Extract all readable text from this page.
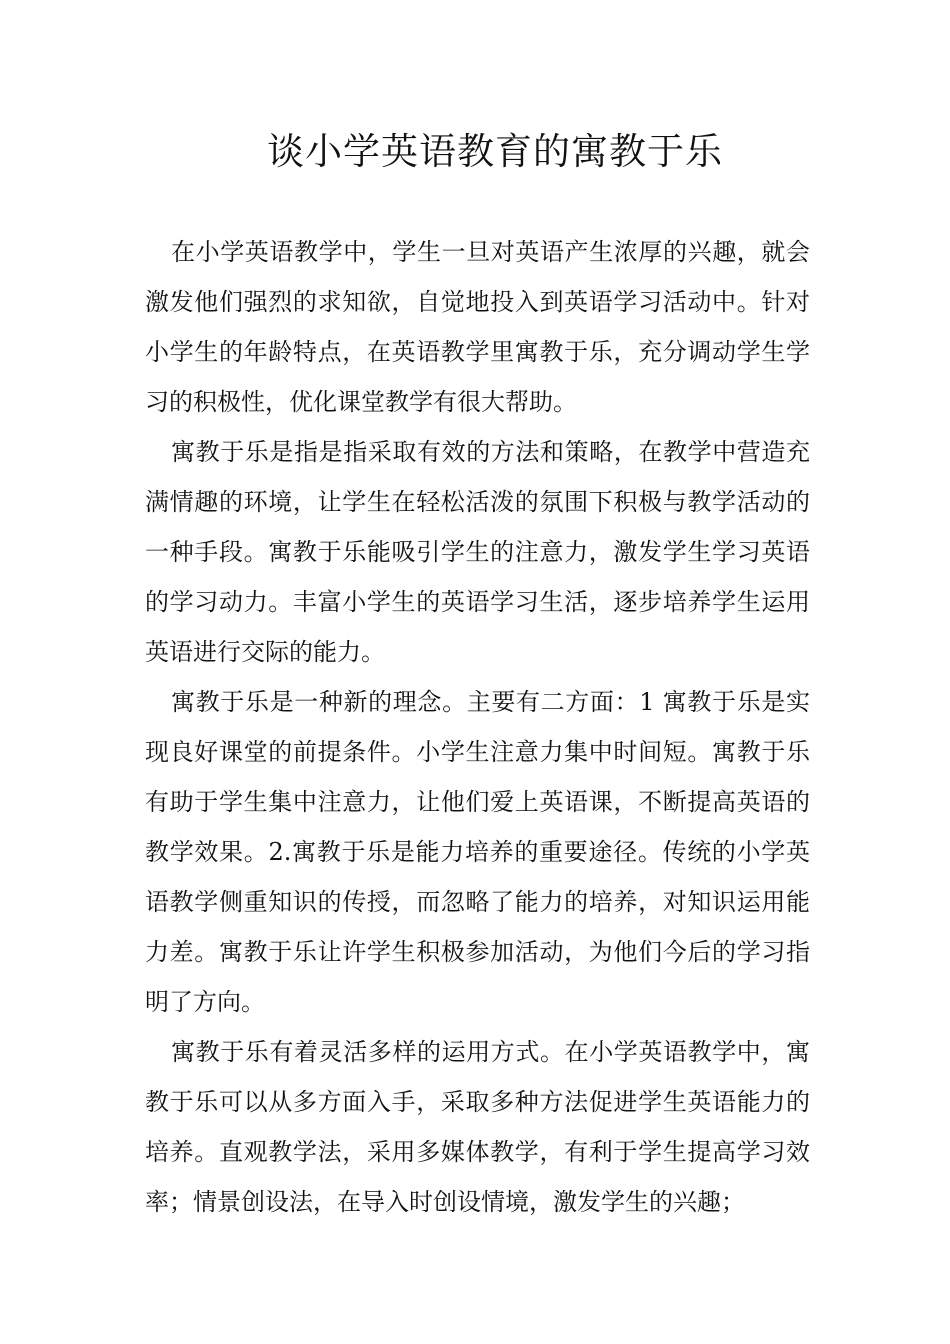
谈小学英语教育的寓教于乐

在小学英语教学中，学生一旦对英语产生浓厚的兴趣，就会激发他们强烈的求知欲，自觉地投入到英语学习活动中。针对小学生的年龄特点，在英语教学里寓教于乐，充分调动学生学习的积极性，优化课堂教学有很大帮助。

寓教于乐是指是指采取有效的方法和策略，在教学中营造充满情趣的环境，让学生在轻松活泼的氛围下积极与教学活动的一种手段。寓教于乐能吸引学生的注意力，激发学生学习英语的学习动力。丰富小学生的英语学习生活，逐步培养学生运用英语进行交际的能力。

寓教于乐是一种新的理念。主要有二方面：1 寓教于乐是实现良好课堂的前提条件。小学生注意力集中时间短。寓教于乐有助于学生集中注意力，让他们爱上英语课，不断提高英语的教学效果。2.寓教于乐是能力培养的重要途径。传统的小学英语教学侧重知识的传授，而忽略了能力的培养，对知识运用能力差。寓教于乐让许学生积极参加活动，为他们今后的学习指明了方向。

寓教于乐有着灵活多样的运用方式。在小学英语教学中，寓教于乐可以从多方面入手，采取多种方法促进学生英语能力的培养。直观教学法，采用多媒体教学，有利于学生提高学习效率；情景创设法，在导入时创设情境，激发学生的兴趣；
